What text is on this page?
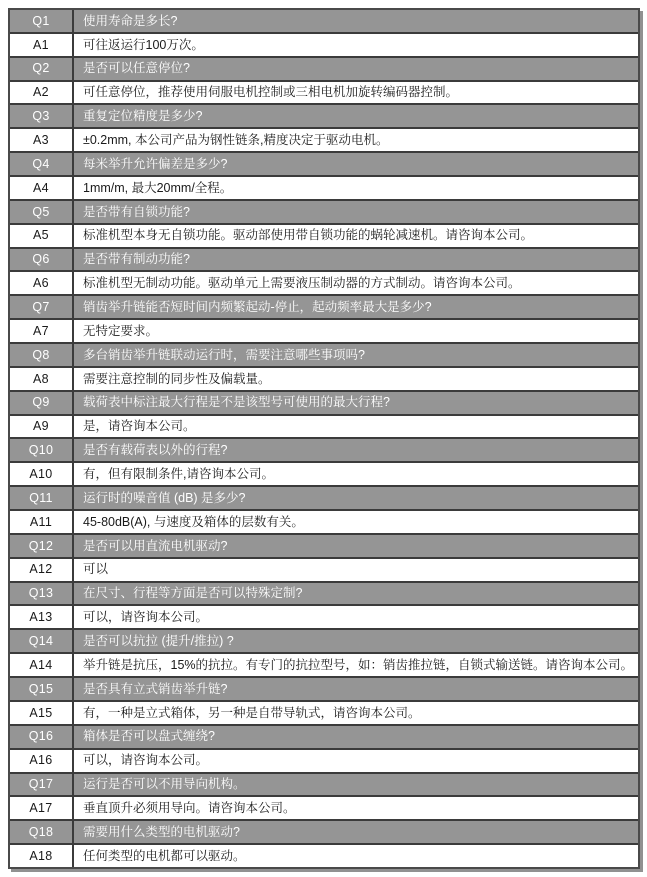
Q1	使用寿命是多长?
A1	可往返运行100万次。
Q2	是否可以任意停位?
A2	可任意停位，推荐使用伺服电机控制或三相电机加旋转编码器控制。
Q3	重复定位精度是多少?
A3	±0.2mm, 本公司产品为钢性链条,精度决定于驱动电机。
Q4	每米举升允许偏差是多少?
A4	1mm/m, 最大20mm/全程。
Q5	是否带有自锁功能?
A5	标准机型本身无自锁功能。驱动部使用带自锁功能的蜗轮减速机。请咨询本公司。
Q6	是否带有制动功能?
A6	标准机型无制动功能。驱动单元上需要液压制动器的方式制动。请咨询本公司。
Q7	销齿举升链能否短时间内频繁起动-停止，起动频率最大是多少?
A7	无特定要求。
Q8	多台销齿举升链联动运行时，需要注意哪些事项吗?
A8	需要注意控制的同步性及偏载量。
Q9	载荷表中标注最大行程是不是该型号可使用的最大行程?
A9	是，请咨询本公司。
Q10	是否有载荷表以外的行程?
A10	有，但有限制条件,请咨询本公司。
Q11	运行时的噪音值 (dB) 是多少?
A11	45-80dB(A), 与速度及箱体的层数有关。
Q12	是否可以用直流电机驱动?
A12	可以
Q13	在尺寸、行程等方面是否可以特殊定制?
A13	可以，请咨询本公司。
Q14	是否可以抗拉 (提升/推拉) ?
A14	举升链是抗压，15%的抗拉。有专门的抗拉型号，如：销齿推拉链，自锁式输送链。请咨询本公司。
Q15	是否具有立式销齿举升链?
A15	有，一种是立式箱体，另一种是自带导轨式，请咨询本公司。
Q16	箱体是否可以盘式缠绕?
A16	可以，请咨询本公司。
Q17	运行是否可以不用导向机构。
A17	垂直顶升必须用导向。请咨询本公司。
Q18	需要用什么类型的电机驱动?
A18	任何类型的电机都可以驱动。
